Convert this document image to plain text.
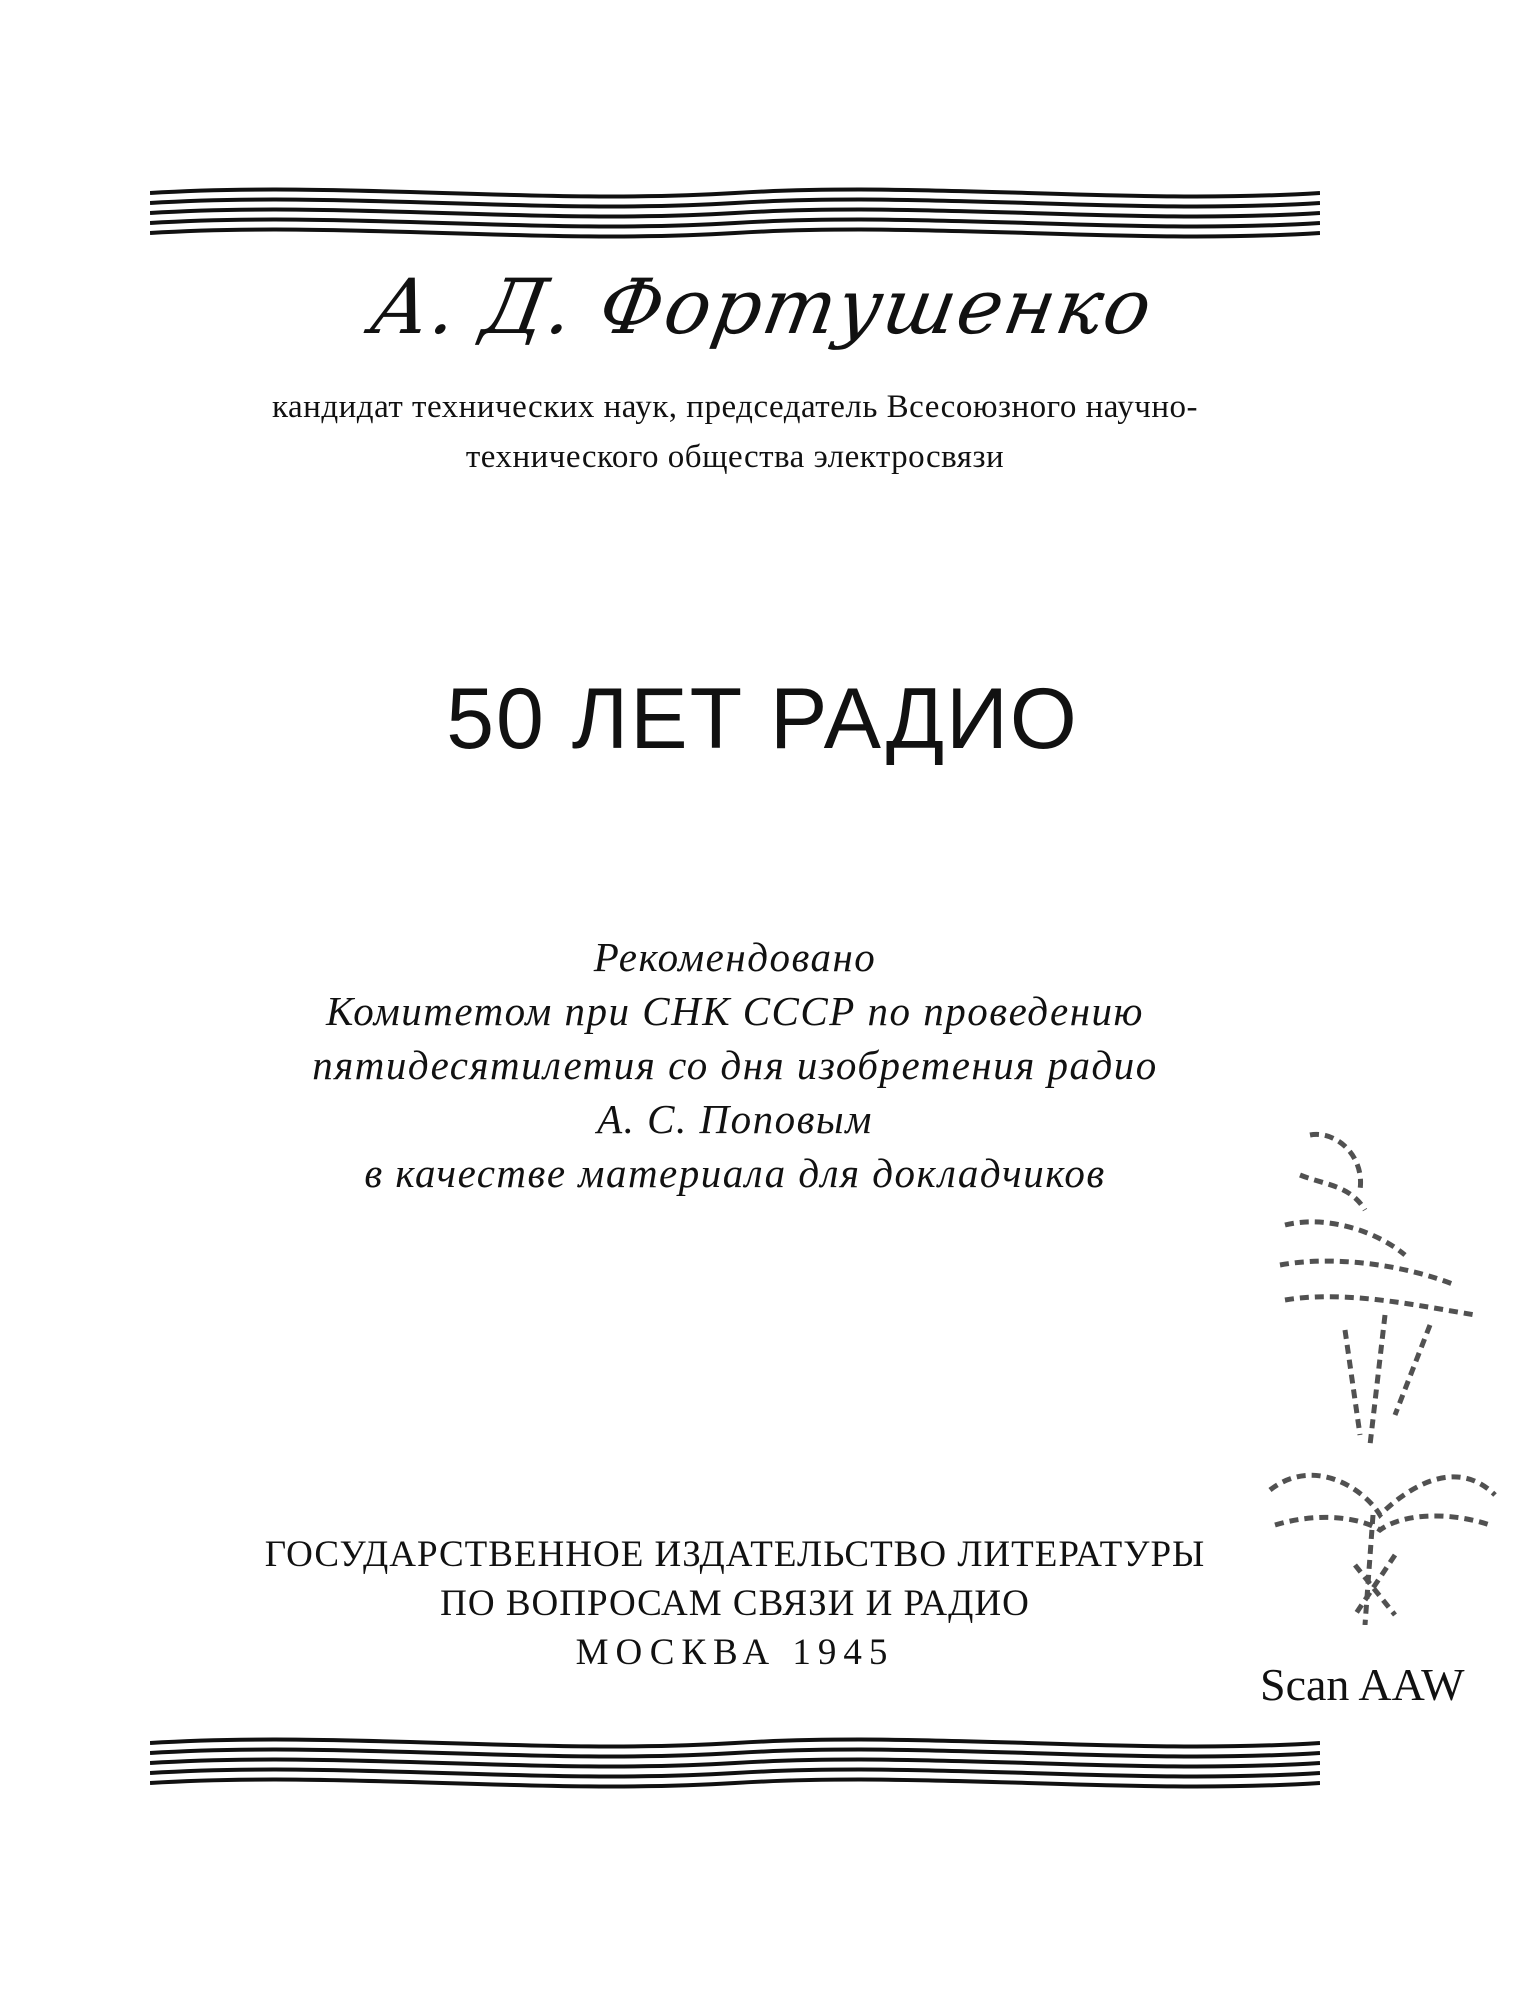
А. Д. Фортушенко
кандидат технических наук, председатель Всесоюзного научно-
технического общества электросвязи
50 ЛЕТ РАДИО
Рекомендовано
Комитетом при СНК СССР по проведению
пятидесятилетия со дня изобретения радио
А. С. Поповым
в качестве материала для докладчиков
ГОСУДАРСТВЕННОЕ ИЗДАТЕЛЬСТВО ЛИТЕРАТУРЫ
ПО ВОПРОСАМ СВЯЗИ И РАДИО
МОСКВА 1945
Scan AAW
